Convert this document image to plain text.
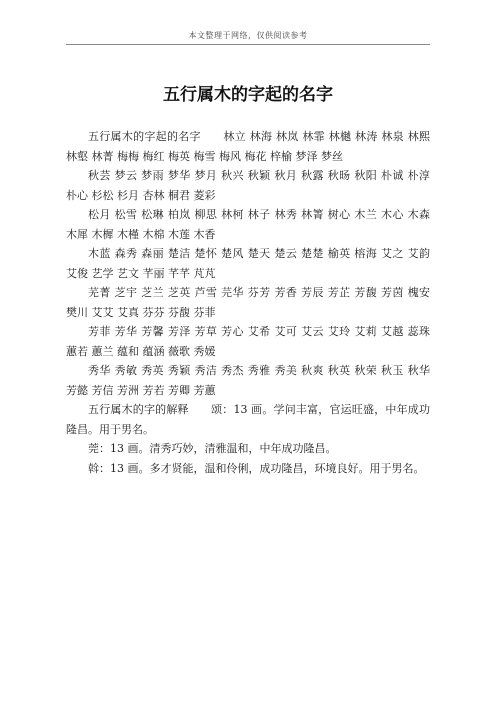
本文整理于网络，仅供阅读参考
五行属木的字起的名字

五行属木的字起的名字　　林立 林海 林岚 林霏 林樾 林涛 林泉 林熙 林壑 林菁 梅梅 梅红 梅英 梅雪 梅风 梅花 梓榆 梦泽 梦丝

秋芸 梦云 梦雨 梦华 梦月 秋兴 秋颖 秋月 秋露 秋旸 秋阳 朴诚 朴淳 朴心 杉松 杉月 杏林 桐君 菱彩

松月 松雪 松琳 柏岚 柳思 林柯 林子 林秀 林箐 树心 木兰 木心 木森 木犀 木樨 木槿 木棉 木莲 木香

木蓝 森秀 森丽 楚洁 楚怀 楚风 楚天 楚云 楚楚 榆英 榕海 艾之 艾韵 艾俊 艺学 艺文 芊丽 芊芊 芃芃

芜菁 芝宇 芝兰 芝英 芦雪 芫华 芬芳 芳香 芳辰 芳芷 芳馥 芳茵 槐安 樊川 艾艾 艾真 芬芬 芬馥 芬菲

芳菲 芳华 芳馨 芳泽 芳草 芳心 艾希 艾可 艾云 艾玲 艾莉 艾越 蕊珠 蕙若 蕙兰 蕴和 蕴涵 薇歌 秀媛

秀华 秀敏 秀英 秀颖 秀洁 秀杰 秀雅 秀美 秋爽 秋英 秋荣 秋玉 秋华 芳懿 芳信 芳洲 芳若 芳卿 芳蕙

五行属木的字的解释　　颂：13 画。学问丰富，官运旺盛，中年成功隆昌。用于男名。

莞：13 画。清秀巧妙，清雅温和，中年成功隆昌。

斡：13 画。多才贤能，温和伶俐，成功隆昌，环境良好。用于男名。
